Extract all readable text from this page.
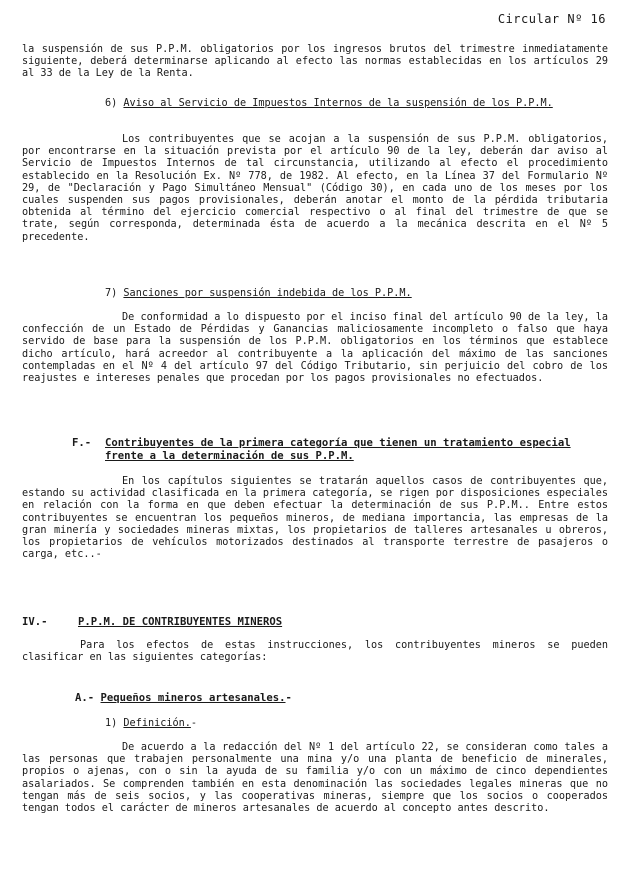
Circular Nº 16
la suspensión de sus P.P.M. obligatorios por los ingresos brutos del trimestre inmediatamente siguiente, deberá determinarse aplicando al efecto las normas establecidas en los artículos 29 al 33 de la Ley de la Renta.
6) Aviso al Servicio de Impuestos Internos de la suspensión de los P.P.M.
Los contribuyentes que se acojan a la suspensión de sus P.P.M. obligatorios, por encontrarse en la situación prevista por el artículo 90 de la ley, deberán dar aviso al Servicio de Impuestos Internos de tal circunstancia, utilizando al efecto el procedimiento establecido en la Resolución Ex. Nº 778, de 1982. Al efecto, en la Línea 37 del Formulario Nº 29, de "Declaración y Pago Simultáneo Mensual" (Código 30), en cada uno de los meses por los cuales suspenden sus pagos provisionales, deberán anotar el monto de la pérdida tributaria obtenida al término del ejercicio comercial respectivo o al final del trimestre de que se trate, según corresponda, determinada ésta de acuerdo a la mecánica descrita en el Nº 5 precedente.
7) Sanciones por suspensión indebida de los P.P.M.
De conformidad a lo dispuesto por el inciso final del artículo 90 de la ley, la confección de un Estado de Pérdidas y Ganancias maliciosamente incompleto o falso que haya servido de base para la suspensión de los P.P.M. obligatorios en los términos que establece dicho artículo, hará acreedor al contribuyente a la aplicación del máximo de las sanciones contempladas en el Nº 4 del artículo 97 del Código Tributario, sin perjuicio del cobro de los reajustes e intereses penales que procedan por los pagos provisionales no efectuados.
F.-	Contribuyentes de la primera categoría que tienen un tratamiento especial frente a la determinación de sus P.P.M.
En los capítulos siguientes se tratarán aquellos casos de contribuyentes que, estando su actividad clasificada en la primera categoría, se rigen por disposiciones especiales en relación con la forma en que deben efectuar la determinación de sus P.P.M.. Entre estos contribuyentes se encuentran los pequeños mineros, de mediana importancia, las empresas de la gran minería y sociedades mineras mixtas, los propietarios de talleres artesanales u obreros, los propietarios de vehículos motorizados destinados al transporte terrestre de pasajeros o carga, etc..-
IV.-	P.P.M. DE CONTRIBUYENTES MINEROS
Para los efectos de estas instrucciones, los contribuyentes mineros se pueden clasificar en las siguientes categorías:
A.- Pequeños mineros artesanales.-
1) Definición.-
De acuerdo a la redacción del Nº 1 del artículo 22, se consideran como tales a las personas que trabajen personalmente una mina y/o una planta de beneficio de minerales, propios o ajenas, con o sin la ayuda de su familia y/o con un máximo de cinco dependientes asalariados. Se comprenden también en esta denominación las sociedades legales mineras que no tengan más de seis socios, y las cooperativas mineras, siempre que los socios o cooperados tengan todos el carácter de mineros artesanales de acuerdo al concepto antes descrito.
